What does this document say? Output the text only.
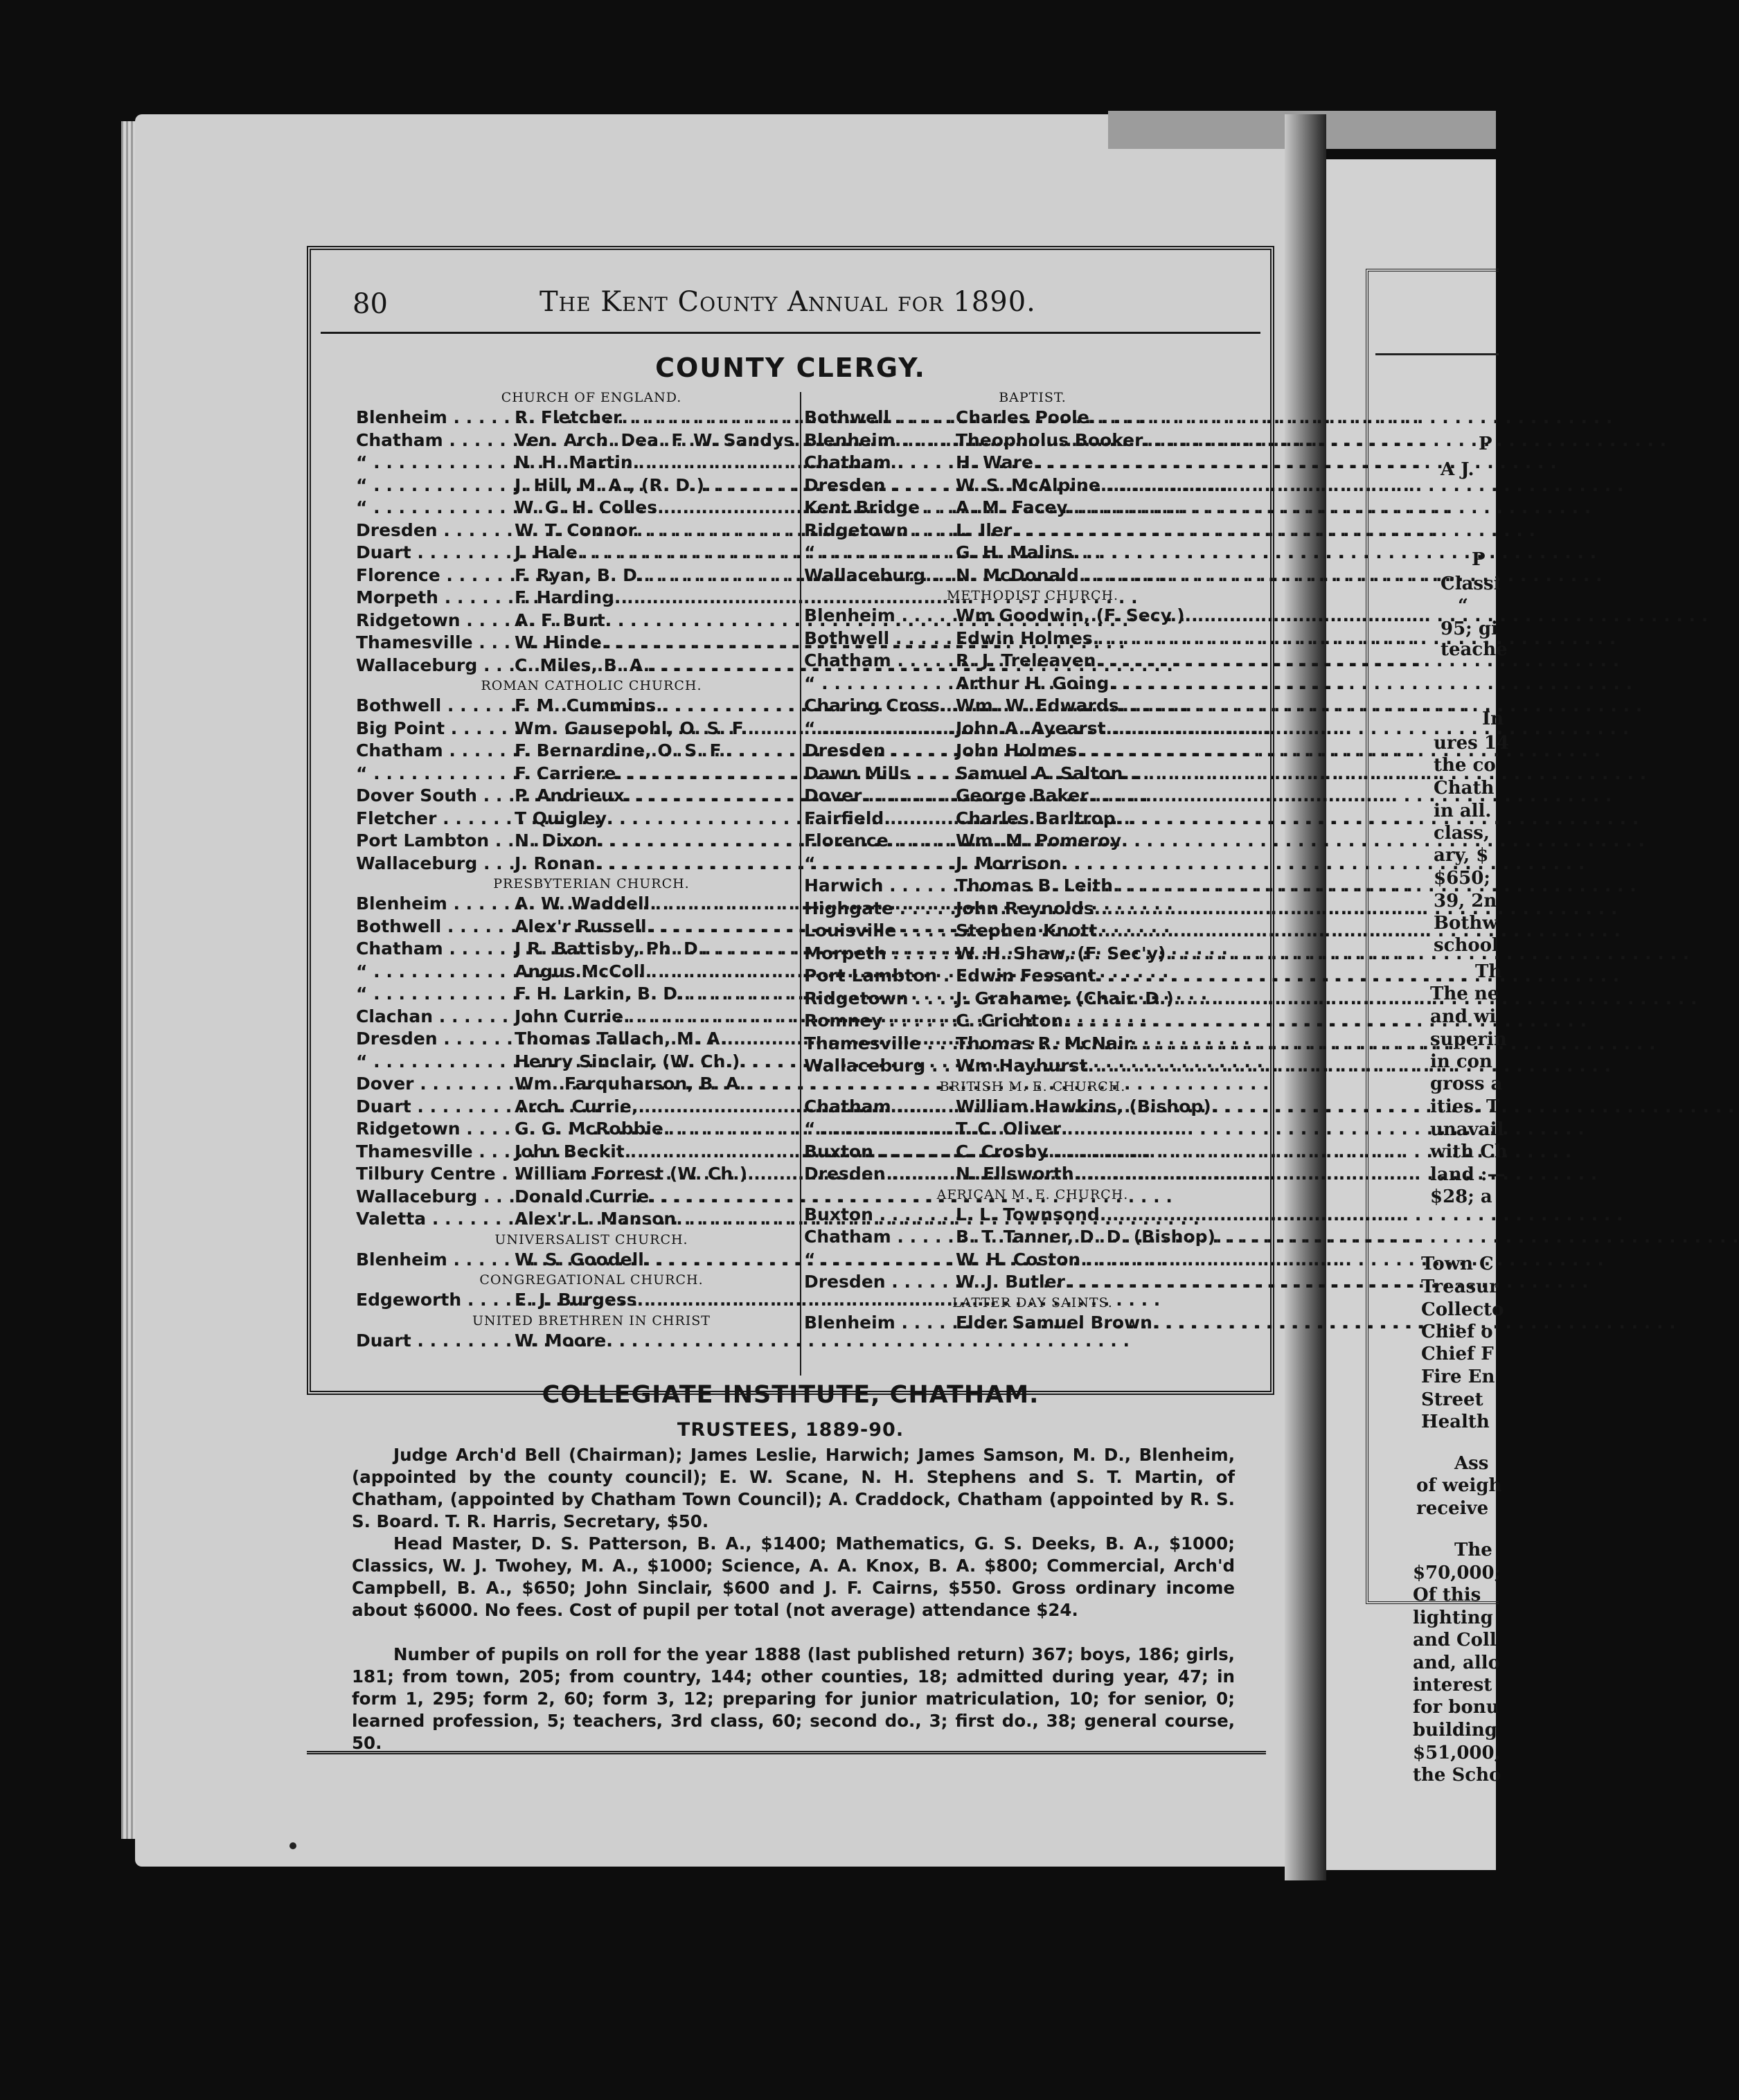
P
A J.
P
Classi
“
95; gi
teache
In
ures 14
the co
Chath
in all.
class,
ary, $
$650;
39, 2n
Bothw
school
Th
The ne
and wi
superin
in con
gross a
ities. T
unavail
with Ch
land :—
$28; a
Town C
Treasur
Collecto
Chief o
Chief F
Fire En
Street
Health
Ass
of weigh
receive
The
$70,000;
Of this
lighting
and Coll
and, allo
interest
for bonu
building
$51,000,
the Scho
80	The Kent County Annual for 1890.
COUNTY CLERGY.
CHURCH OF ENGLAND.
Blenheim . . .	R. Fletcher
. . .
Chatham . . .	Ven. Arch. Dea. F. W. Sandys
. . .
“ . . .	N. H. Martin
. . .
“ . . .	J. Hill, M. A., (R. D.)
. . .
“ . . .	W. G. H. Colles
. . .
Dresden . . .	W. T. Connor
. . .
Duart . . .	J. Hale
. . .
Florence . . .	F. Ryan, B. D.
. . .
Morpeth . . .	F. Harding
. . .
Ridgetown . . .	A. F. Burt
. . .
Thamesville . . .	W. Hinde
. . .
Wallaceburg . . .	C. Miles, B. A.
. . .
ROMAN CATHOLIC CHURCH.
Bothwell . . .	F. M. Cummins.
. . .
Big Point . . .	Wm. Gausepohl, O. S. F.
. . .
Chatham . . .	F. Bernardine, O. S. F.
. . .
“ . . .	F. Carriere
. . .
Dover South . . .	P. Andrieux
. . .
Fletcher . . .	T Quigley
. . .
Port Lambton . . .	N. Dixon
. . .
Wallaceburg . . .	J. Ronan
. . .
PRESBYTERIAN CHURCH.
Blenheim . . .	A. W. Waddell
. . .
Bothwell . . .	Alex'r Russell
. . .
Chatham . . .	J R. Battisby, Ph. D.
. . .
“ . . .	Angus McColl
. . .
“ . . .	F. H. Larkin, B. D.
. . .
Clachan . . .	John Currie
. . .
Dresden . . .	Thomas Tallach, M. A.
. . .
“ . . .	Henry Sinclair, (W. Ch.)
. . .
Dover . . .	Wm. Farquharson, B. A.
. . .
Duart . . .	Arch. Currie,
. . .
Ridgetown . . .	G. G. McRobbie
. . .
Thamesville . . .	John Beckit
. . .
Tilbury Centre . . .	William Forrest (W. Ch.)
. . .
Wallaceburg . . .	Donald Currie
. . .
Valetta . . .	Alex'r L. Manson
. . .
UNIVERSALIST CHURCH.
Blenheim . . .	W. S. Goodell
. . .
CONGREGATIONAL CHURCH.
Edgeworth . . .	E. J. Burgess
. . .
UNITED BRETHREN IN CHRIST
Duart . . .	W. Moore
. . .
BAPTIST.
Bothwell . . .	Charles Poole
. . .
Blenheim . . .	Theopholus Booker
. . .
Chatham . . .	H. Ware
. . .
Dresden . . .	W. S. McAlpine
. . .
Kent Bridge . . .	A. M. Facey
. . .
Ridgetown . . .	L. Iler
. . .
“ . . .	G. H. Malins
. . .
Wallaceburg . . .	N. McDonald
. . .
METHODIST CHURCH.
Blenheim . . .	Wm Goodwin, (F. Secy.)
. . .
Bothwell . . .	Edwin Holmes
. . .
Chatham . . .	R. J. Treleaven
. . .
“ . . .	Arthur H. Going
. . .
Charing Cross . . . Wm. W. Edwards
. . .
“ . . .	John A. Ayearst
. . .
Dresden . . .	John Holmes
. . .
Dawn Mills . . .	Samuel A. Salton
. . .
Dover . . .	George Baker
. . .
Fairfield . . .	Charles Barltrop
. . .
Florence . . .	Wm. M. Pomeroy
. . .
“ . . .	J. Morrison
. . .
Harwich . . .	Thomas B. Leith
. . .
Highgate . . .	John Reynolds
. . .
Louisville . . .	Stephen Knott
. . .
Morpeth . . .	W. H. Shaw, (F. Sec'y)
. . .
Port Lambton . . .	Edwin Fessant
. . .
Ridgetown . . .	J. Grahame, (Chair. D.)
. . .
Romney . . .	C. Crichton
. . .
Thamesville . . .	Thomas R. McNair
. . .
Wallaceburg . . .	Wm Hayhurst
. . .
BRITISH M. E. CHURCH.
Chatham . . .	William Hawkins, (Bishop)
. . .
“ . . .	T. C. Oliver
. . .
Buxton . . .	C. Crosby
. . .
Dresden . . .	N. Ellsworth
. . .
AFRICAN M. E. CHURCH.
Buxton . . .	L. L. Townsond
. . .
Chatham . . .	B. T. Tanner, D. D. (Bishop)
. . .
“ . . .	W. H. Coston
. . .
Dresden . . .	W. J. Butler
. . .
LATTER DAY SAINTS.
Blenheim . . .	Elder Samuel Brown
. . .
COLLEGIATE INSTITUTE, CHATHAM.
TRUSTEES, 1889-90.

Judge Arch'd Bell (Chairman); James Leslie, Harwich; James Samson, M. D., Blenheim, (appointed by the county council); E. W. Scane, N. H. Stephens and S. T. Martin, of Chatham, (appointed by Chatham Town Council); A. Craddock, Chatham (appointed by R. S. S. Board. T. R. Harris, Secretary, $50.

Head Master, D. S. Patterson, B. A., $1400; Mathematics, G. S. Deeks, B. A., $1000; Classics, W. J. Twohey, M. A., $1000; Science, A. A. Knox, B. A. $800; Commercial, Arch'd Campbell, B. A., $650; John Sinclair, $600 and J. F. Cairns, $550. Gross ordinary income about $6000. No fees. Cost of pupil per total (not average) attendance $24.

Number of pupils on roll for the year 1888 (last published return) 367; boys, 186; girls, 181; from town, 205; from country, 144; other counties, 18; admitted during year, 47; in form 1, 295; form 2, 60; form 3, 12; preparing for junior matriculation, 10; for senior, 0; learned profession, 5; teachers, 3rd class, 60; second do., 3; first do., 38; general course, 50.
